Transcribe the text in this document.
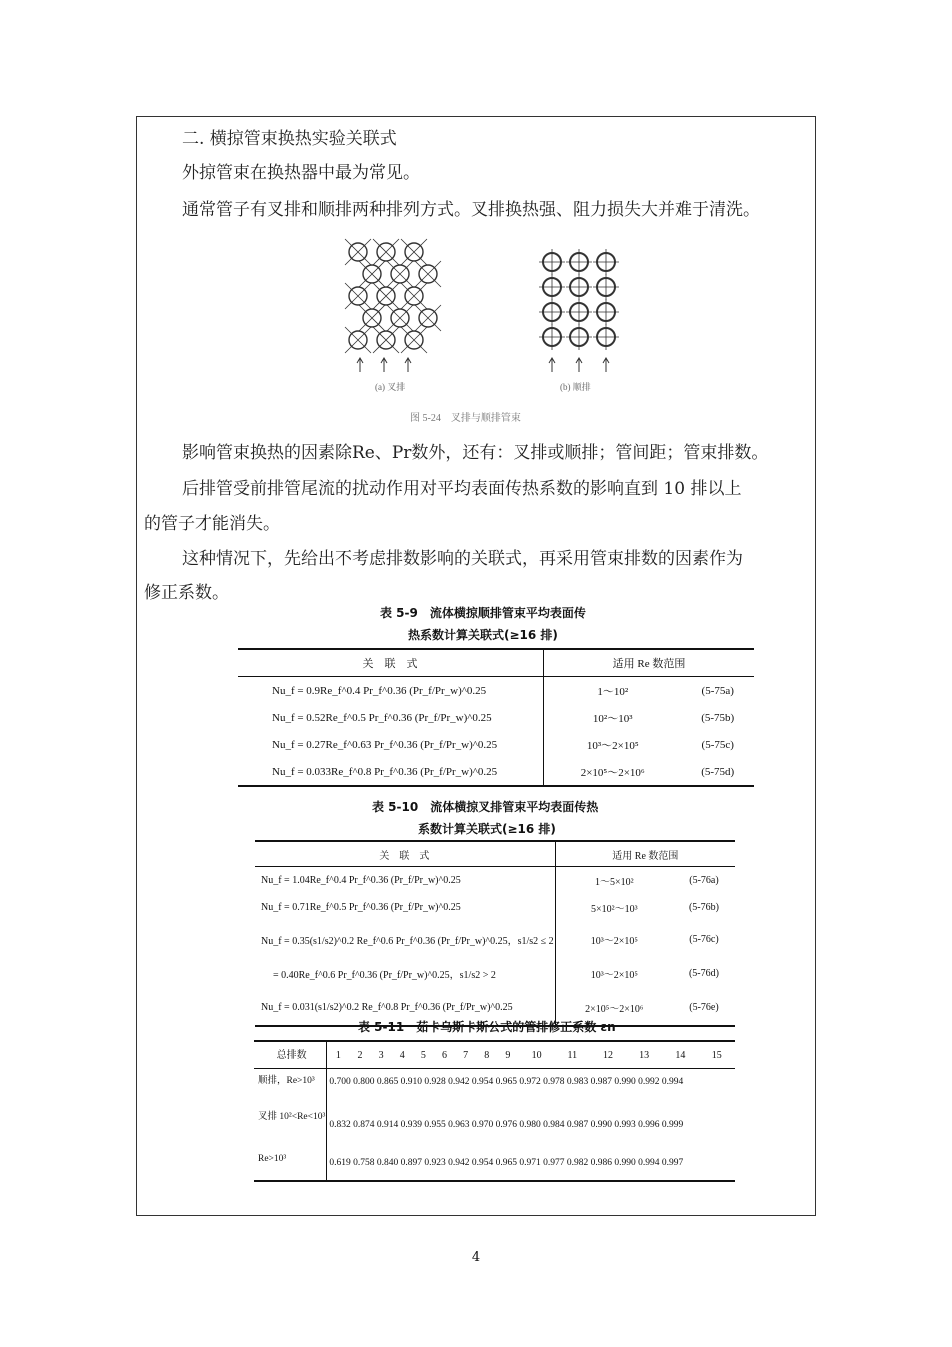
二. 横掠管束换热实验关联式
外掠管束在换热器中最为常见。
通常管子有叉排和顺排两种排列方式。叉排换热强、阻力损失大并难于清洗。
(a) 叉排	(b) 顺排
图 5-24　叉排与顺排管束
影响管束换热的因素除Re、Pr数外，还有：叉排或顺排；管间距；管束排数。
后排管受前排管尾流的扰动作用对平均表面传热系数的影响直到 10 排以上
的管子才能消失。
这种情况下，先给出不考虑排数影响的关联式，再采用管束排数的因素作为
修正系数。
表 5-9　流体横掠顺排管束平均表面传
热系数计算关联式(≥16 排)
关　联　式	适用 Re 数范围	
Nu_f = 0.9Re_f^0.4 Pr_f^0.36 (Pr_f/Pr_w)^0.25	1～10²	(5-75a)
Nu_f = 0.52Re_f^0.5 Pr_f^0.36 (Pr_f/Pr_w)^0.25	10²～10³	(5-75b)
Nu_f = 0.27Re_f^0.63 Pr_f^0.36 (Pr_f/Pr_w)^0.25	10³～2×10⁵	(5-75c)
Nu_f = 0.033Re_f^0.8 Pr_f^0.36 (Pr_f/Pr_w)^0.25	2×10⁵～2×10⁶	(5-75d)
表 5-10　流体横掠叉排管束平均表面传热
系数计算关联式(≥16 排)
关　联　式	适用 Re 数范围	
Nu_f = 1.04Re_f^0.4 Pr_f^0.36 (Pr_f/Pr_w)^0.25	1～5×10²	(5-76a)
Nu_f = 0.71Re_f^0.5 Pr_f^0.36 (Pr_f/Pr_w)^0.25	5×10²～10³	(5-76b)
Nu_f = 0.35(s1/s2)^0.2 Re_f^0.6 Pr_f^0.36 (Pr_f/Pr_w)^0.25，s1/s2 ≤ 2	10³～2×10⁵	(5-76c)
= 0.40Re_f^0.6 Pr_f^0.36 (Pr_f/Pr_w)^0.25，s1/s2 > 2	10³～2×10⁵	(5-76d)
Nu_f = 0.031(s1/s2)^0.2 Re_f^0.8 Pr_f^0.36 (Pr_f/Pr_w)^0.25	2×10⁵～2×10⁶	(5-76e)
表 5-11　茹卡乌斯卡斯公式的管排修正系数 εn
总排数	1	2	3	4	5	6	7	8	9	10	11	12	13	14	15
顺排，Re>10³	0.700 0.800 0.865 0.910 0.928 0.942 0.954 0.965 0.972 0.978 0.983 0.987 0.990 0.992 0.994														
叉排 10²<Re<10³	0.832 0.874 0.914 0.939 0.955 0.963 0.970 0.976 0.980 0.984 0.987 0.990 0.993 0.996 0.999														
Re>10³	0.619 0.758 0.840 0.897 0.923 0.942 0.954 0.965 0.971 0.977 0.982 0.986 0.990 0.994 0.997														
4
